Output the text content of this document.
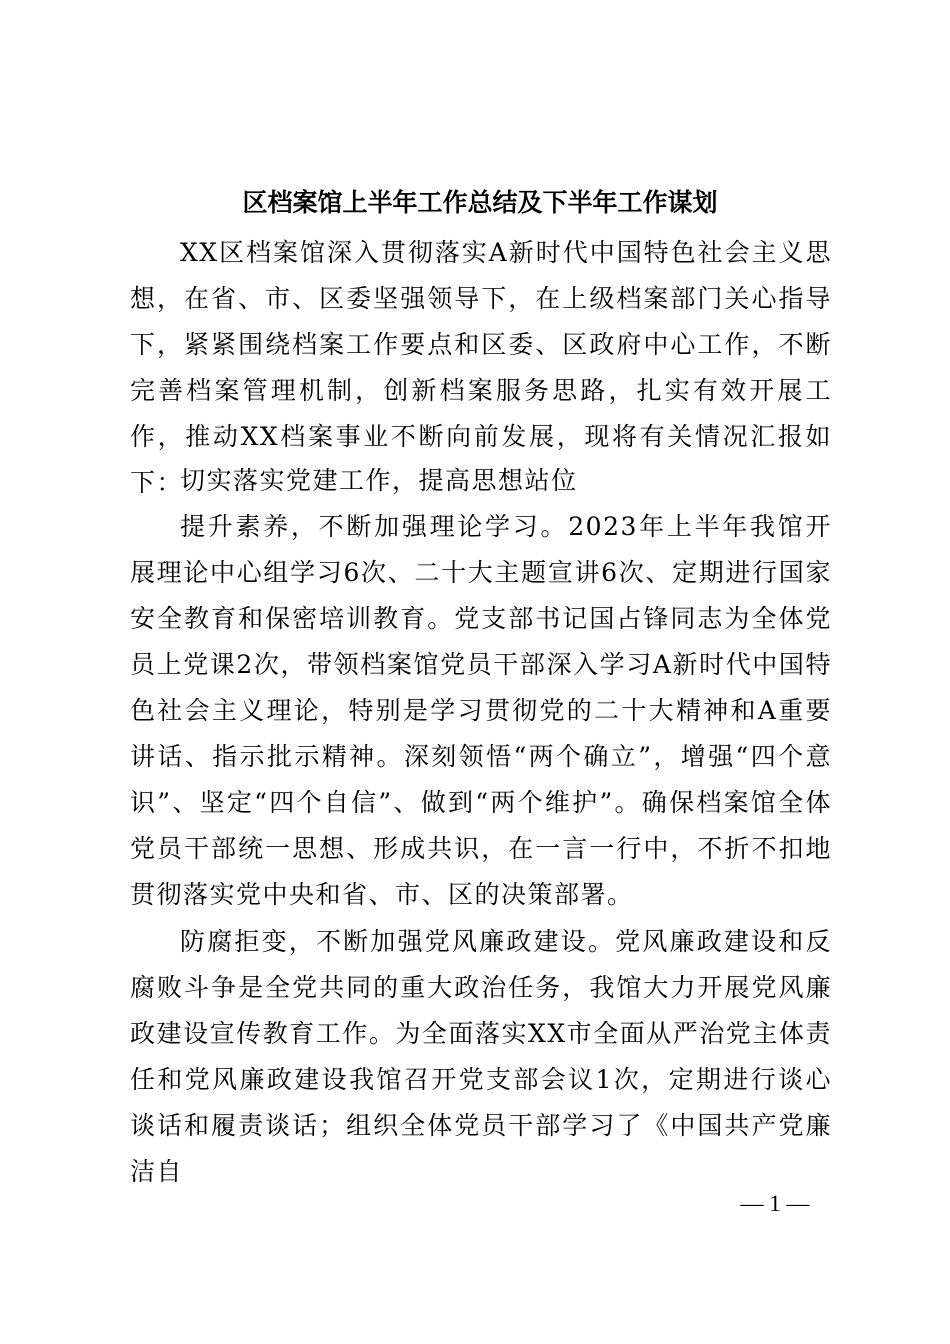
区档案馆上半年工作总结及下半年工作谋划

XX区档案馆深入贯彻落实A新时代中国特色社会主义思想，在省、市、区委坚强领导下，在上级档案部门关心指导下，紧紧围绕档案工作要点和区委、区政府中心工作，不断完善档案管理机制，创新档案服务思路，扎实有效开展工作，推动XX档案事业不断向前发展，现将有关情况汇报如下：

切实落实党建工作，提高思想站位

提升素养，不断加强理论学习。2023年上半年我馆开展理论中心组学习6次、二十大主题宣讲6次、定期进行国家安全教育和保密培训教育。党支部书记国占锋同志为全体党员上党课2次，带领档案馆党员干部深入学习A新时代中国特色社会主义理论，特别是学习贯彻党的二十大精神和A重要讲话、指示批示精神。深刻领悟“两个确立”，增强“四个意识”、坚定“四个自信”、做到“两个维护”。确保档案馆全体党员干部统一思想、形成共识，在一言一行中，不折不扣地贯彻落实党中央和省、市、区的决策部署。

防腐拒变，不断加强党风廉政建设。党风廉政建设和反腐败斗争是全党共同的重大政治任务，我馆大力开展党风廉政建设宣传教育工作。为全面落实XX市全面从严治党主体责任和党风廉政建设我馆召开党支部会议1次，定期进行谈心谈话和履责谈话；组织全体党员干部学习了《中国共产党廉洁自

— 1 —
